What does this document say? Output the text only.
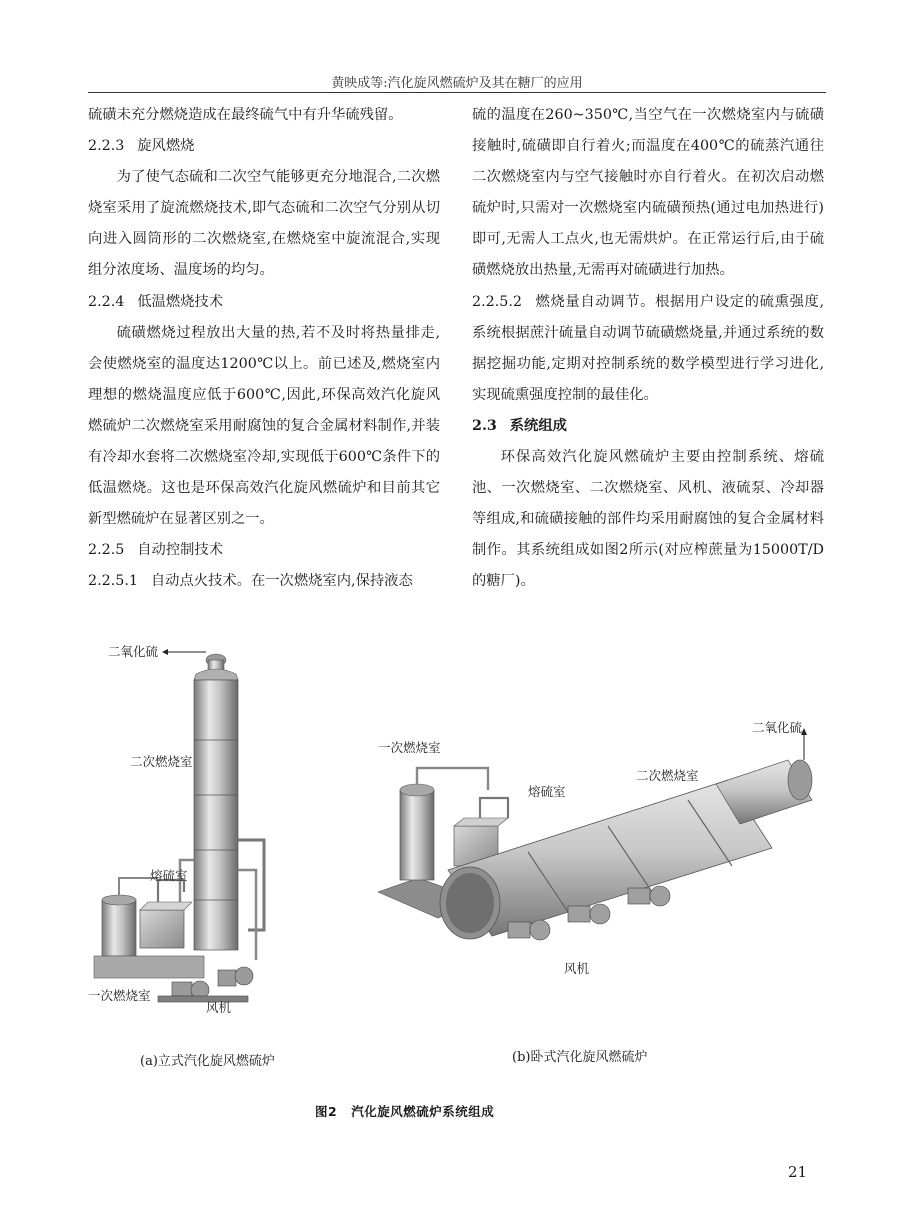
黄映成等:汽化旋风燃硫炉及其在糖厂的应用

硫磺未充分燃烧造成在最终硫气中有升华硫残留。

2.2.3 旋风燃烧

为了使气态硫和二次空气能够更充分地混合,二次燃烧室采用了旋流燃烧技术,即气态硫和二次空气分别从切向进入圆筒形的二次燃烧室,在燃烧室中旋流混合,实现组分浓度场、温度场的均匀。

2.2.4 低温燃烧技术

硫磺燃烧过程放出大量的热,若不及时将热量排走,会使燃烧室的温度达1200℃以上。前已述及,燃烧室内理想的燃烧温度应低于600℃,因此,环保高效汽化旋风燃硫炉二次燃烧室采用耐腐蚀的复合金属材料制作,并装有冷却水套将二次燃烧室冷却,实现低于600℃条件下的低温燃烧。这也是环保高效汽化旋风燃硫炉和目前其它新型燃硫炉在显著区别之一。

2.2.5 自动控制技术

2.2.5.1 自动点火技术。在一次燃烧室内,保持液态

硫的温度在260~350℃,当空气在一次燃烧室内与硫磺接触时,硫磺即自行着火;而温度在400℃的硫蒸汽通往二次燃烧室内与空气接触时亦自行着火。在初次启动燃硫炉时,只需对一次燃烧室内硫磺预热(通过电加热进行)即可,无需人工点火,也无需烘炉。在正常运行后,由于硫磺燃烧放出热量,无需再对硫磺进行加热。

2.2.5.2 燃烧量自动调节。根据用户设定的硫熏强度,系统根据蔗汁硫量自动调节硫磺燃烧量,并通过系统的数据挖掘功能,定期对控制系统的数学模型进行学习进化,实现硫熏强度控制的最佳化。

2.3 系统组成

环保高效汽化旋风燃硫炉主要由控制系统、熔硫池、一次燃烧室、二次燃烧室、风机、液硫泵、冷却器等组成,和硫磺接触的部件均采用耐腐蚀的复合金属材料制作。其系统组成如图2所示(对应榨蔗量为15000T/D的糖厂)。

二氧化硫
二次燃烧室
熔硫室
一次燃烧室
风机
一次燃烧室
熔硫室
二次燃烧室
二氧化硫
风机
(a)立式汽化旋风燃硫炉	(b)卧式汽化旋风燃硫炉
图2 汽化旋风燃硫炉系统组成
21
